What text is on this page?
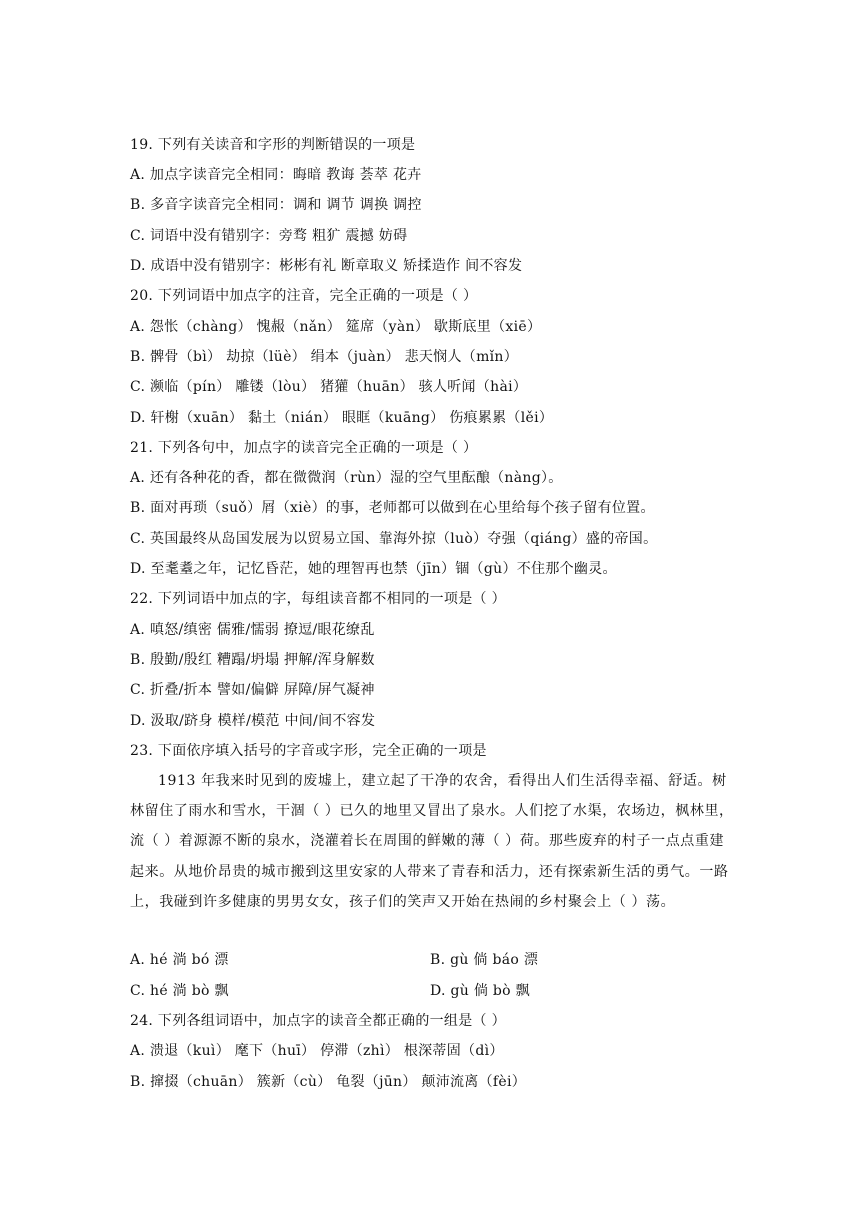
19. 下列有关读音和字形的判断错误的一项是
A. 加点字读音完全相同：晦暗 教诲 荟萃 花卉
B. 多音字读音完全相同：调和 调节 调换 调控
C. 词语中没有错别字：旁骛 粗犷 震撼 妨碍
D. 成语中没有错别字：彬彬有礼 断章取义 矫揉造作 间不容发
20. 下列词语中加点字的注音，完全正确的一项是（ ）
A. 怨怅（chàng） 愧赧（nǎn） 筵席（yàn） 歇斯底里（xiē）
B. 髀骨（bì） 劫掠（lüè） 绢本（juàn） 悲天悯人（mǐn）
C. 濒临（pín） 雕镂（lòu） 猪獾（huān） 骇人听闻（hài）
D. 轩榭（xuān） 黏土（nián） 眼眶（kuāng） 伤痕累累（lěi）
21. 下列各句中，加点字的读音完全正确的一项是（ ）
A. 还有各种花的香，都在微微润（rùn）湿的空气里酝酿（nàng）。
B. 面对再琐（suǒ）屑（xiè）的事，老师都可以做到在心里给每个孩子留有位置。
C. 英国最终从岛国发展为以贸易立国、靠海外掠（luò）夺强（qiáng）盛的帝国。
D. 至耄耋之年，记忆昏茫，她的理智再也禁（jīn）锢（gù）不住那个幽灵。
22. 下列词语中加点的字，每组读音都不相同的一项是（ ）
A. 嗔怒/缜密 儒雅/懦弱 撩逗/眼花缭乱
B. 殷勤/殷红 糟蹋/坍塌 押解/浑身解数
C. 折叠/折本 譬如/偏僻 屏障/屏气凝神
D. 汲取/跻身 模样/模范 中间/间不容发
23. 下面依序填入括号的字音或字形，完全正确的一项是

1913 年我来时见到的废墟上，建立起了干净的农舍，看得出人们生活得幸福、舒适。树林留住了雨水和雪水，干涸（ ）已久的地里又冒出了泉水。人们挖了水渠，农场边，枫林里，流（ ）着源源不断的泉水，浇灌着长在周围的鲜嫩的薄（ ）荷。那些废弃的村子一点点重建起来。从地价昂贵的城市搬到这里安家的人带来了青春和活力，还有探索新生活的勇气。一路上，我碰到许多健康的男男女女，孩子们的笑声又开始在热闹的乡村聚会上（ ）荡。

A. hé 淌 bó 漂	B. gù 倘 báo 漂
C. hé 淌 bò 飘	D. gù 倘 bò 飘
24. 下列各组词语中，加点字的读音全都正确的一组是（ ）
A. 溃退（kuì） 麾下（huī） 停滞（zhì） 根深蒂固（dì）
B. 撺掇（chuān） 簇新（cù） 龟裂（jūn） 颠沛流离（fèi）
